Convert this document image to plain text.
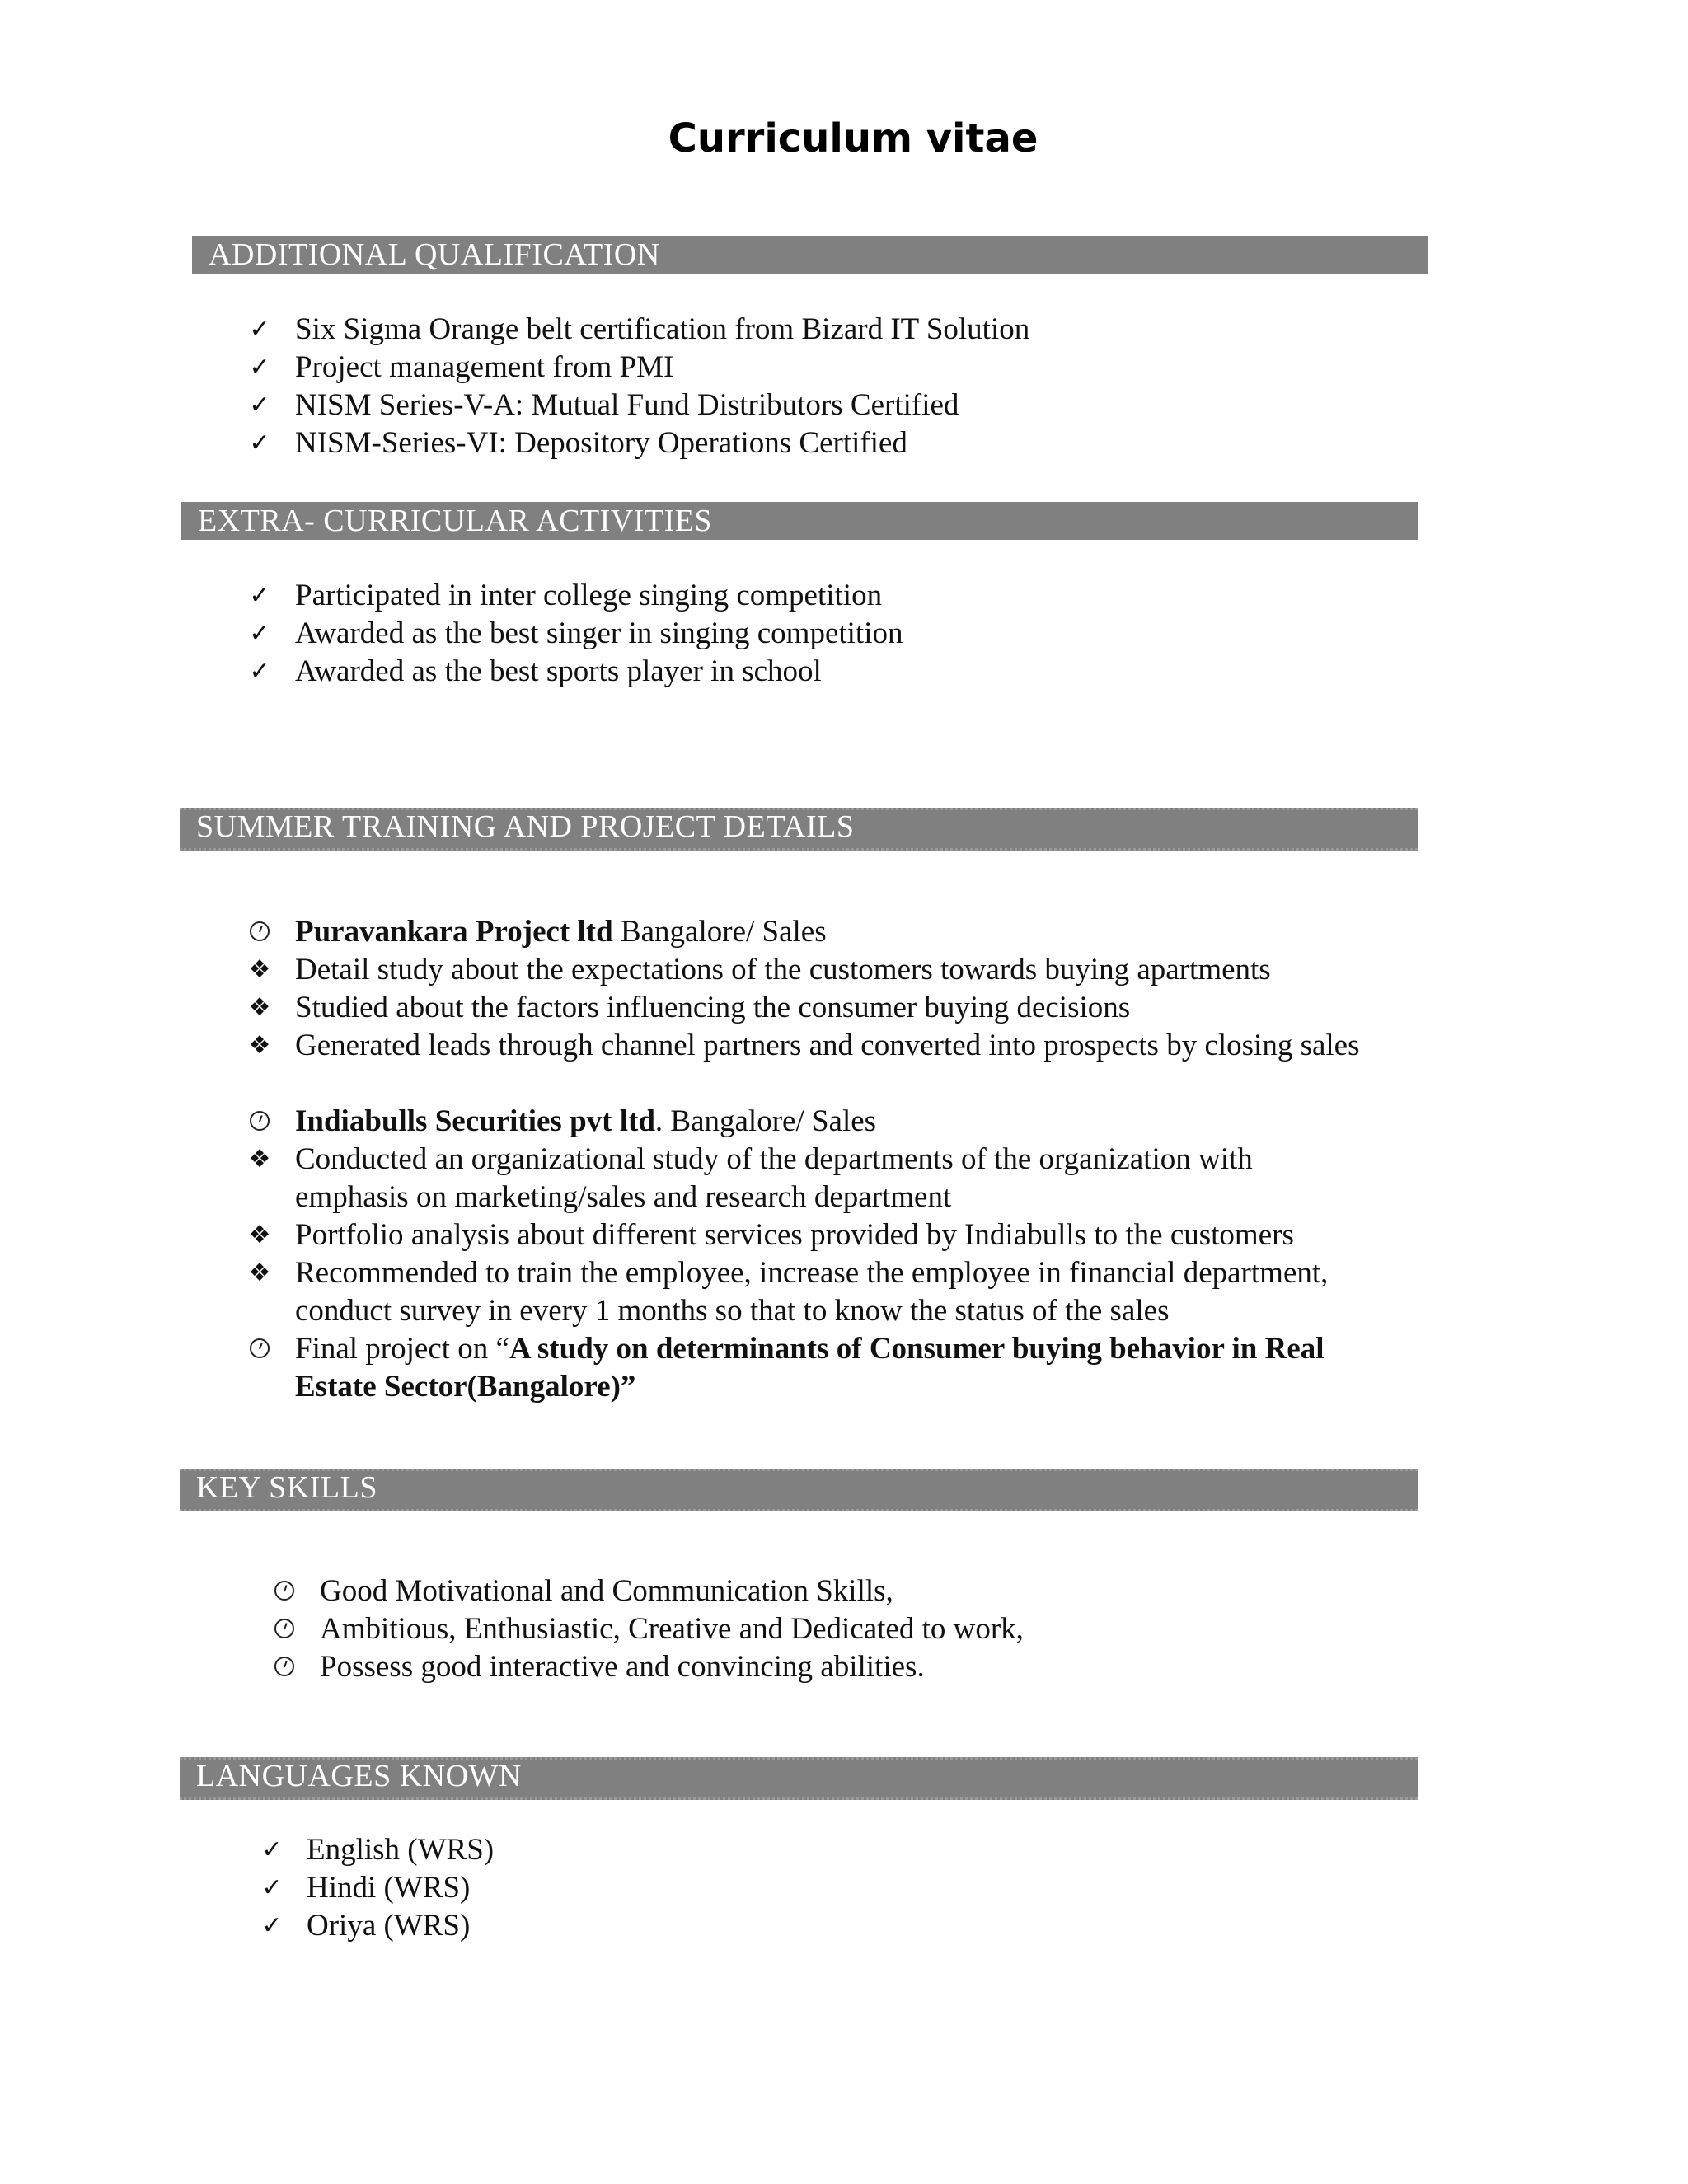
Curriculum vitae
ADDITIONAL QUALIFICATION
✓ Six Sigma Orange belt certification from Bizard IT Solution
✓ Project management from PMI
✓ NISM Series-V-A: Mutual Fund Distributors Certified
✓ NISM-Series-VI: Depository Operations Certified
EXTRA- CURRICULAR ACTIVITIES
✓ Participated in inter college singing competition
✓ Awarded as the best singer in singing competition
✓ Awarded as the best sports player in school
SUMMER TRAINING AND PROJECT DETAILS
Puravankara Project ltd Bangalore/ Sales
❖ Detail study about the expectations of the customers towards buying apartments
❖ Studied about the factors influencing the consumer buying decisions
❖ Generated leads through channel partners and converted into prospects by closing sales
Indiabulls Securities pvt ltd. Bangalore/ Sales
❖ Conducted an organizational study of the departments of the organization with emphasis on marketing/sales and research department
❖ Portfolio analysis about different services provided by Indiabulls to the customers
❖ Recommended to train the employee, increase the employee in financial department, conduct survey in every 1 months so that to know the status of the sales
Final project on “A study on determinants of Consumer buying behavior in Real Estate Sector(Bangalore)”
KEY SKILLS
Good Motivational and Communication Skills,
Ambitious, Enthusiastic, Creative and Dedicated to work,
Possess good interactive and convincing abilities.
LANGUAGES KNOWN
✓ English (WRS)
✓ Hindi (WRS)
✓ Oriya (WRS)
